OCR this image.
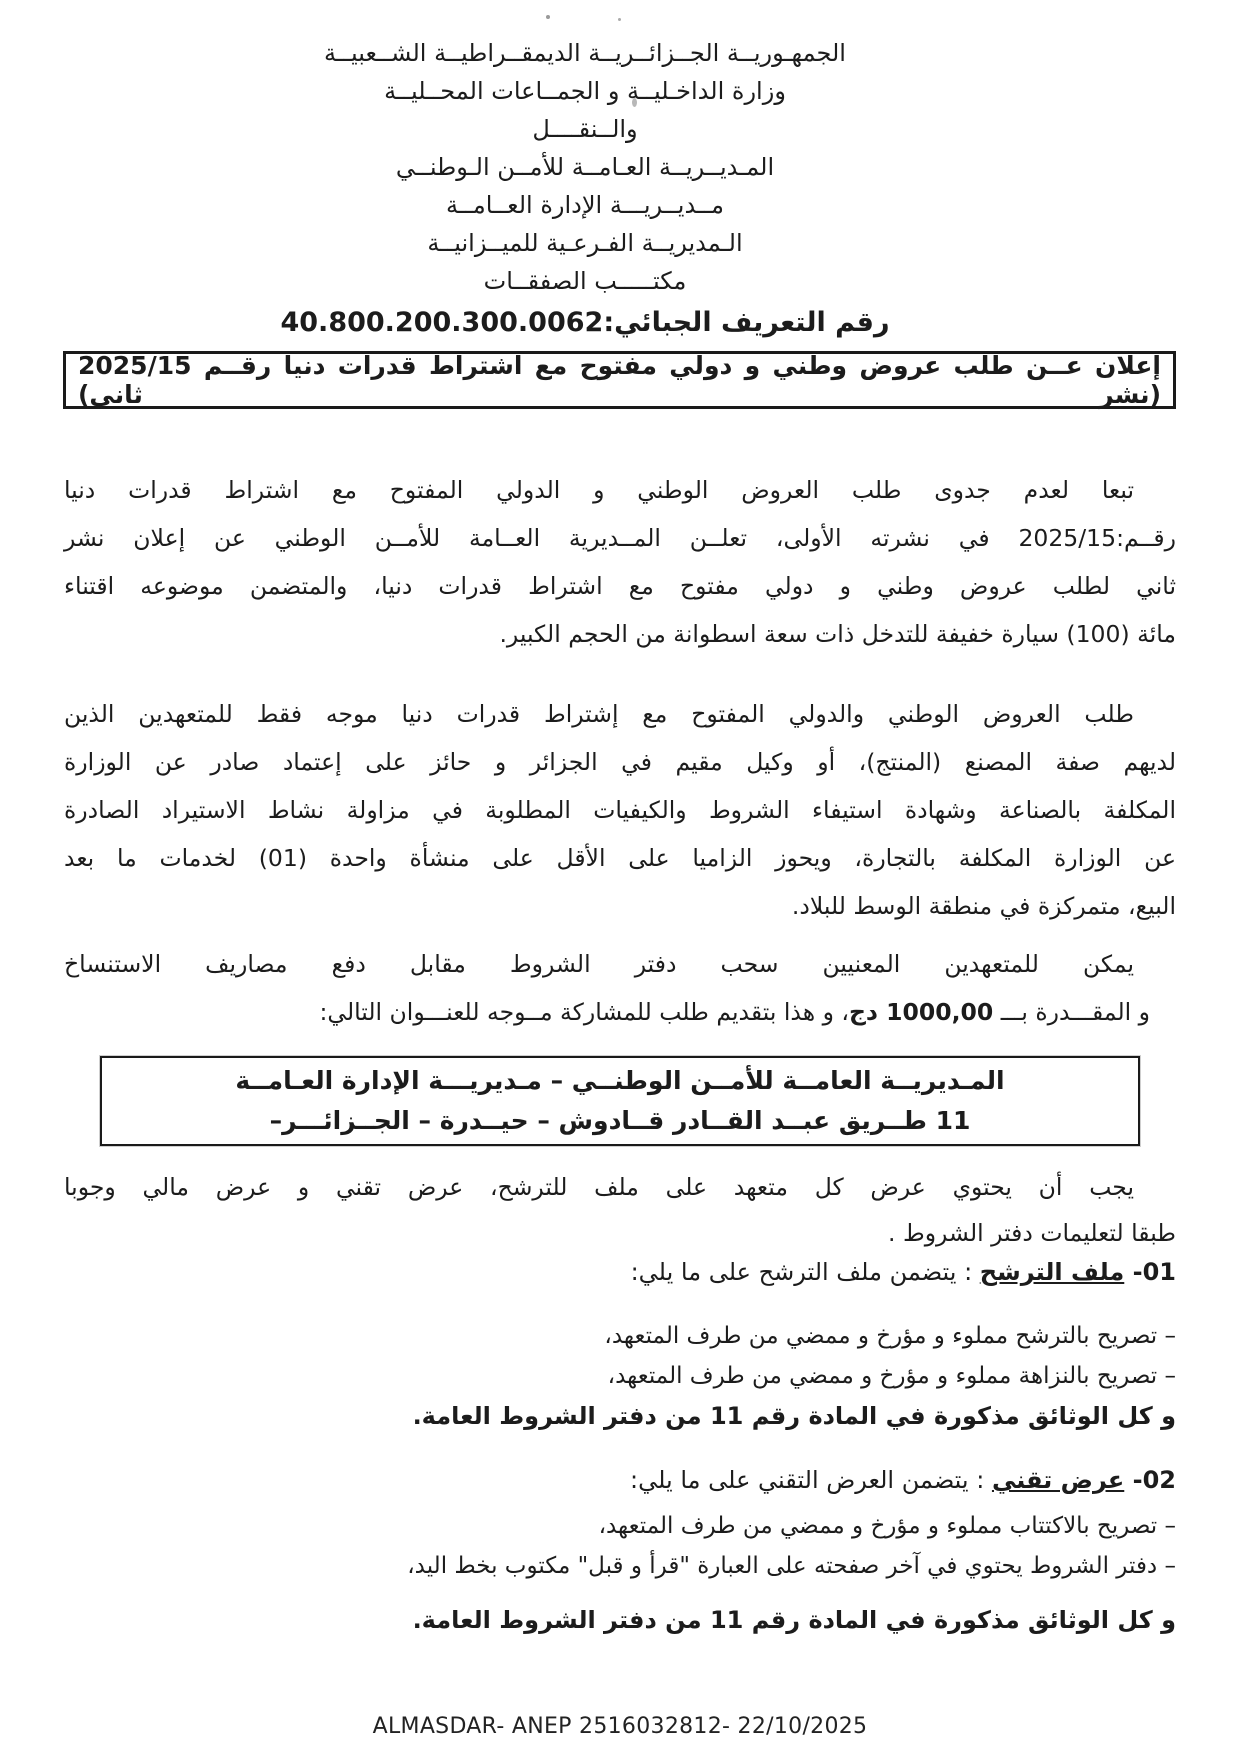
الجمهـوريــة الجــزائــريــة الديمقــراطيــة الشــعبيــة
وزارة الداخـليــة و الجمــاعات المحــليــة
والــنقــــل
المـديــريــة العـامــة للأمــن الـوطنــي
مــديــريـــة الإدارة العــامــة
الـمديريــة الفـرعـية للميــزانيــة
مكتـــــب الصفقــات
رقم التعريف الجبائي:40.800.200.300.0062
إعلان عــن طلب عروض وطني و دولي مفتوح مع اشتراط قدرات دنيا رقــم 2025/15 (نشر ثاني)
تبعا لعدم جدوى طلب العروض الوطني و الدولي المفتوح مع اشتراط قدرات دنيا
رقــم:2025/15 في نشرته الأولى، تعلــن المــديرية العــامة للأمــن الوطني عن إعلان نشر
ثاني لطلب عروض وطني و دولي مفتوح مع اشتراط قدرات دنيا، والمتضمن موضوعه اقتناء
مائة (100) سيارة خفيفة للتدخل ذات سعة اسطوانة من الحجم الكبير.
طلب العروض الوطني والدولي المفتوح مع إشتراط قدرات دنيا موجه فقط للمتعهدين الذين
لديهم صفة المصنع (المنتج)، أو وكيل مقيم في الجزائر و حائز على إعتماد صادر عن الوزارة
المكلفة بالصناعة وشهادة استيفاء الشروط والكيفيات المطلوبة في مزاولة نشاط الاستيراد الصادرة
عن الوزارة المكلفة بالتجارة، ويحوز الزاميا على الأقل على منشأة واحدة (01) لخدمات ما بعد
البيع، متمركزة في منطقة الوسط للبلاد.
يمكن للمتعهدين المعنيين سحب دفتر الشروط مقابل دفع مصاريف الاستنساخ
و المقـــدرة بـــ 1000,00 دج، و هذا بتقديم طلب للمشاركة مــوجه للعنـــوان التالي:
المـديريــة العامــة للأمــن الوطنــي – مـديريـــة الإدارة العـامــة
11 طــريق عبــد القــادر قــادوش – حيــدرة – الجــزائـــر–
يجب أن يحتوي عرض كل متعهد على ملف للترشح، عرض تقني و عرض مالي وجوبا
طبقا لتعليمات دفتر الشروط .
01- ملف الترشح : يتضمن ملف الترشح على ما يلي:
– تصريح بالترشح مملوء و مؤرخ و ممضي من طرف المتعهد،
– تصريح بالنزاهة مملوء و مؤرخ و ممضي من طرف المتعهد،
و كل الوثائق مذكورة في المادة رقم 11 من دفتر الشروط العامة.
02- عرض تقني : يتضمن العرض التقني على ما يلي:
– تصريح بالاكتتاب مملوء و مؤرخ و ممضي من طرف المتعهد،
– دفتر الشروط يحتوي في آخر صفحته على العبارة "قرأ و قبل" مكتوب بخط اليد،
و كل الوثائق مذكورة في المادة رقم 11 من دفتر الشروط العامة.
ALMASDAR- ANEP 2516032812- 22/10/2025
